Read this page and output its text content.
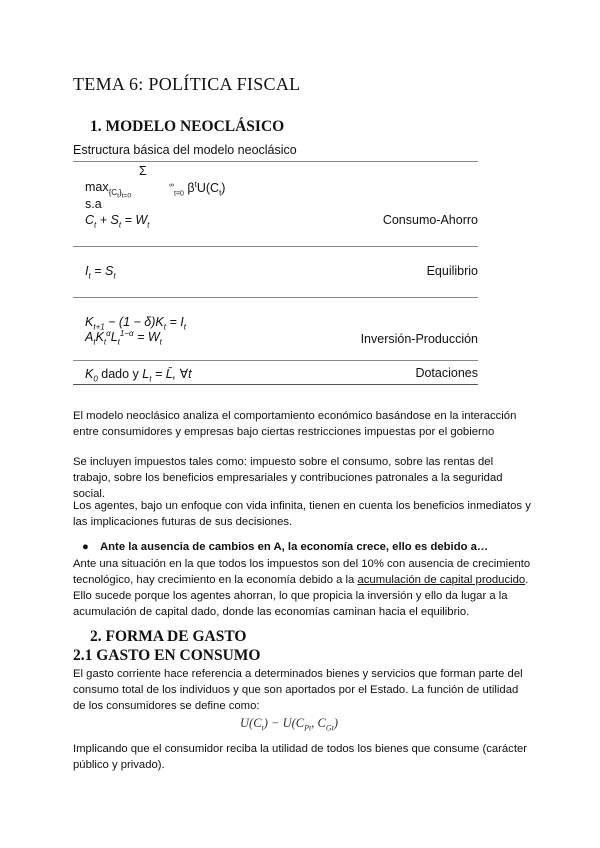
TEMA 6: POLÍTICA FISCAL
1. MODELO NEOCLÁSICO
Estructura básica del modelo neoclásico
Σ
$\max_{\{C_t\}_{t=0}}$
∞$_{t=0}$ $\beta^tU(C_t)$
s.a
$C_t + S_t = W_t$	Consumo-Ahorro
$I_t = S_t$	Equilibrio
$K_{t+1} - (1 - \delta)K_t = I_t$
$A_tK_t^\alpha L_t^{1-\alpha} = W_t$	Inversión-Producción
$K_0$ dado y $L_t$ = L̄, ∀t	Dotaciones

El modelo neoclásico analiza el comportamiento económico basándose en la interacción entre consumidores y empresas bajo ciertas restricciones impuestas por el gobierno

Se incluyen impuestos tales como: impuesto sobre el consumo, sobre las rentas del trabajo, sobre los beneficios empresariales y contribuciones patronales a la seguridad social.

Los agentes, bajo un enfoque con vida infinita, tienen en cuenta los beneficios inmediatos y las implicaciones futuras de sus decisiones.

● Ante la ausencia de cambios en A, la economía crece, ello es debido a…

Ante una situación en la que todos los impuestos son del 10% con ausencia de crecimiento tecnológico, hay crecimiento en la economía debido a la acumulación de capital producido. Ello sucede porque los agentes ahorran, lo que propicia la inversión y ello da lugar a la acumulación de capital dado, donde las economías caminan hacia el equilibrio.

2. FORMA DE GASTO
2.1 GASTO EN CONSUMO

El gasto corriente hace referencia a determinados bienes y servicios que forman parte del consumo total de los individuos y que son aportados por el Estado. La función de utilidad de los consumidores se define como:

$U(C_t) - U(C_{Pt}$, $C_{Gt}$)

Implicando que el consumidor reciba la utilidad de todos los bienes que consume (carácter público y privado).
